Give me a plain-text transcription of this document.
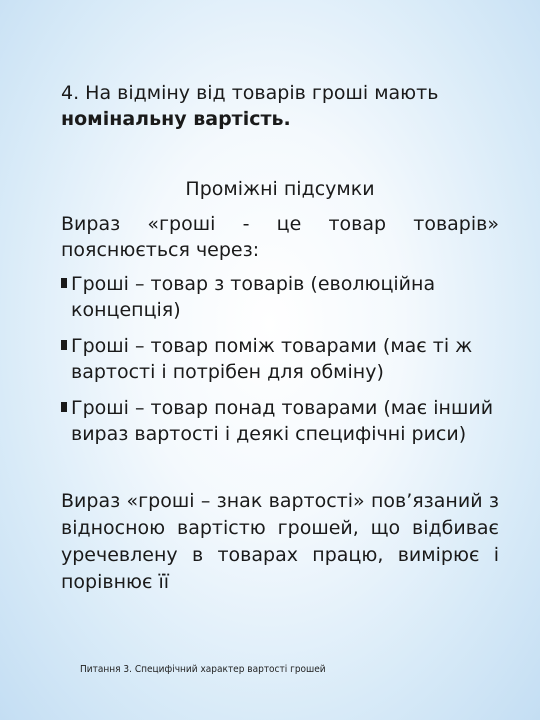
4. На відміну від товарів гроші мають
номінальну вартість.
Проміжні підсумки
Вираз «гроші - це товар товарів»
пояснюється через:
Гроші – товар з товарів (еволюційна концепція)
Гроші – товар поміж товарами (має ті ж вартості і потрібен для обміну)
Гроші – товар понад товарами (має інший вираз вартості і деякі специфічні риси)
Вираз «гроші – знак вартості» пов’язаний з відносною вартістю грошей, що відбиває уречевлену в товарах працю, вимірює і порівнює її
Питання 3. Специфічний характер вартості грошей
